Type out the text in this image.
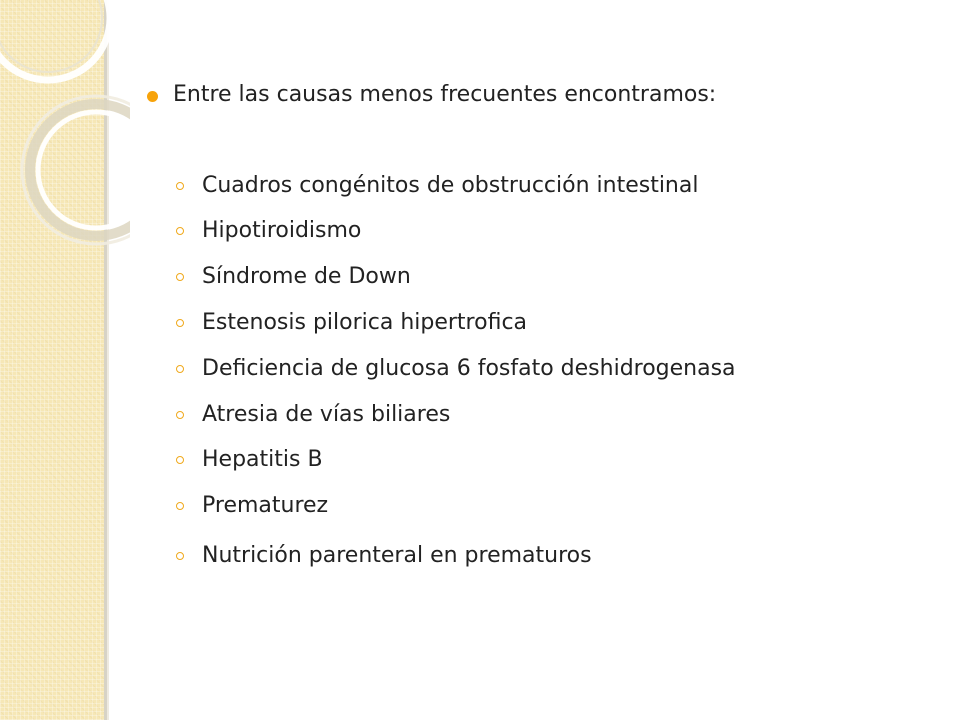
Entre las causas menos frecuentes encontramos:
Cuadros congénitos de obstrucción intestinal
Hipotiroidismo
Síndrome de Down
Estenosis pilorica hipertrofica
Deficiencia de glucosa 6 fosfato deshidrogenasa
Atresia de vías biliares
Hepatitis B
Prematurez
Nutrición parenteral en prematuros
